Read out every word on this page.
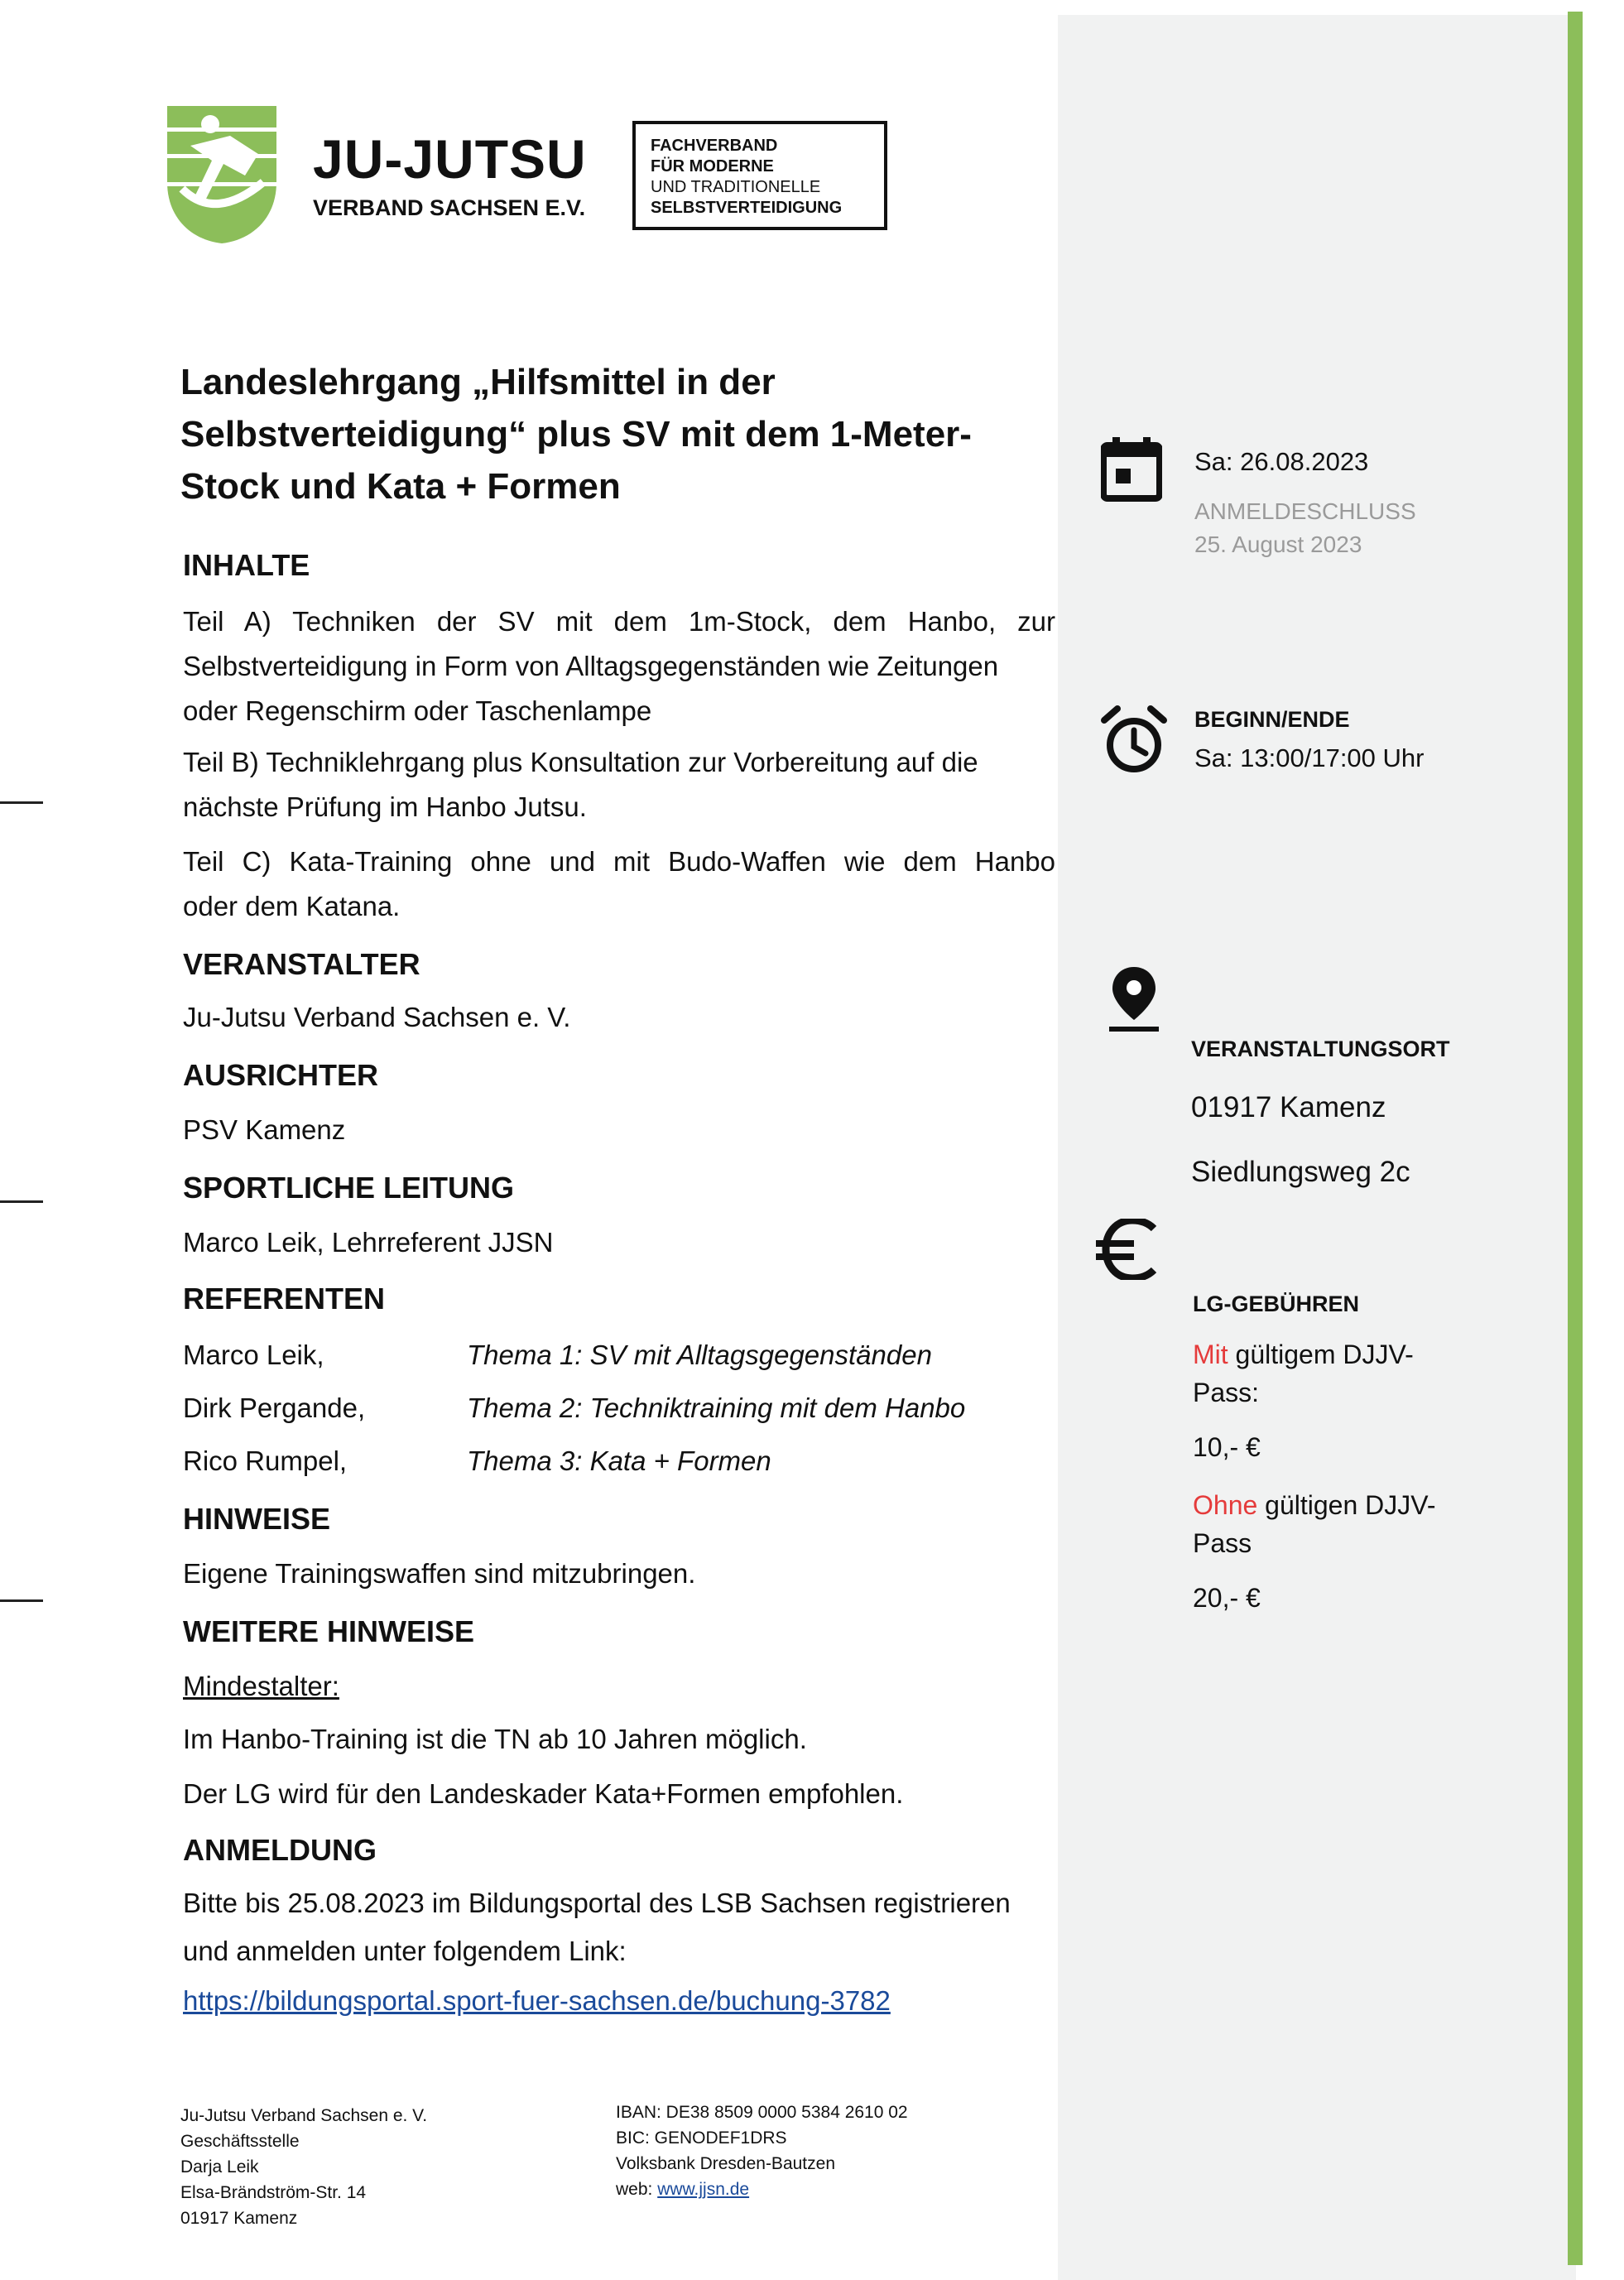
JU-JUTSU
VERBAND SACHSEN E.V.
FACHVERBAND
FÜR MODERNE
UND TRADITIONELLE
SELBSTVERTEIDIGUNG
Landeslehrgang „Hilfsmittel in der Selbstverteidigung“ plus SV mit dem 1-Meter-Stock und Kata + Formen
INHALTE
Teil A) Techniken der SV mit dem 1m-Stock, dem Hanbo, zur
Selbstverteidigung in Form von Alltagsgegenständen wie Zeitungen
oder Regenschirm oder Taschenlampe
Teil B) Techniklehrgang plus Konsultation zur Vorbereitung auf die
nächste Prüfung im Hanbo Jutsu.
Teil C) Kata-Training ohne und mit Budo-Waffen wie dem Hanbo
oder dem Katana.
VERANSTALTER
Ju-Jutsu Verband Sachsen e. V.
AUSRICHTER
PSV Kamenz
SPORTLICHE LEITUNG
Marco Leik, Lehrreferent JJSN
REFERENTEN
Marco Leik,	Thema 1: SV mit Alltagsgegenständen
Dirk Pergande,	Thema 2: Techniktraining mit dem Hanbo
Rico Rumpel,	Thema 3: Kata + Formen
HINWEISE
Eigene Trainingswaffen sind mitzubringen.
WEITERE HINWEISE
Mindestalter:
Im Hanbo-Training ist die TN ab 10 Jahren möglich.
Der LG wird für den Landeskader Kata+Formen empfohlen.
ANMELDUNG
Bitte bis 25.08.2023 im Bildungsportal des LSB Sachsen registrieren
und anmelden unter folgendem Link:
https://bildungsportal.sport-fuer-sachsen.de/buchung-3782
Sa: 26.08.2023
ANMELDESCHLUSS
25. August 2023
BEGINN/ENDE
Sa: 13:00/17:00 Uhr
VERANSTALTUNGSORT
01917 Kamenz
Siedlungsweg 2c
LG-GEBÜHREN
Mit gültigem DJJV-
Pass:
10,- €
Ohne gültigen DJJV-
Pass
20,- €
Ju-Jutsu Verband Sachsen e. V.
Geschäftsstelle
Darja Leik
Elsa-Brändström-Str. 14
01917 Kamenz
IBAN: DE38 8509 0000 5384 2610 02
BIC: GENODEF1DRS
Volksbank Dresden-Bautzen
web: www.jjsn.de
